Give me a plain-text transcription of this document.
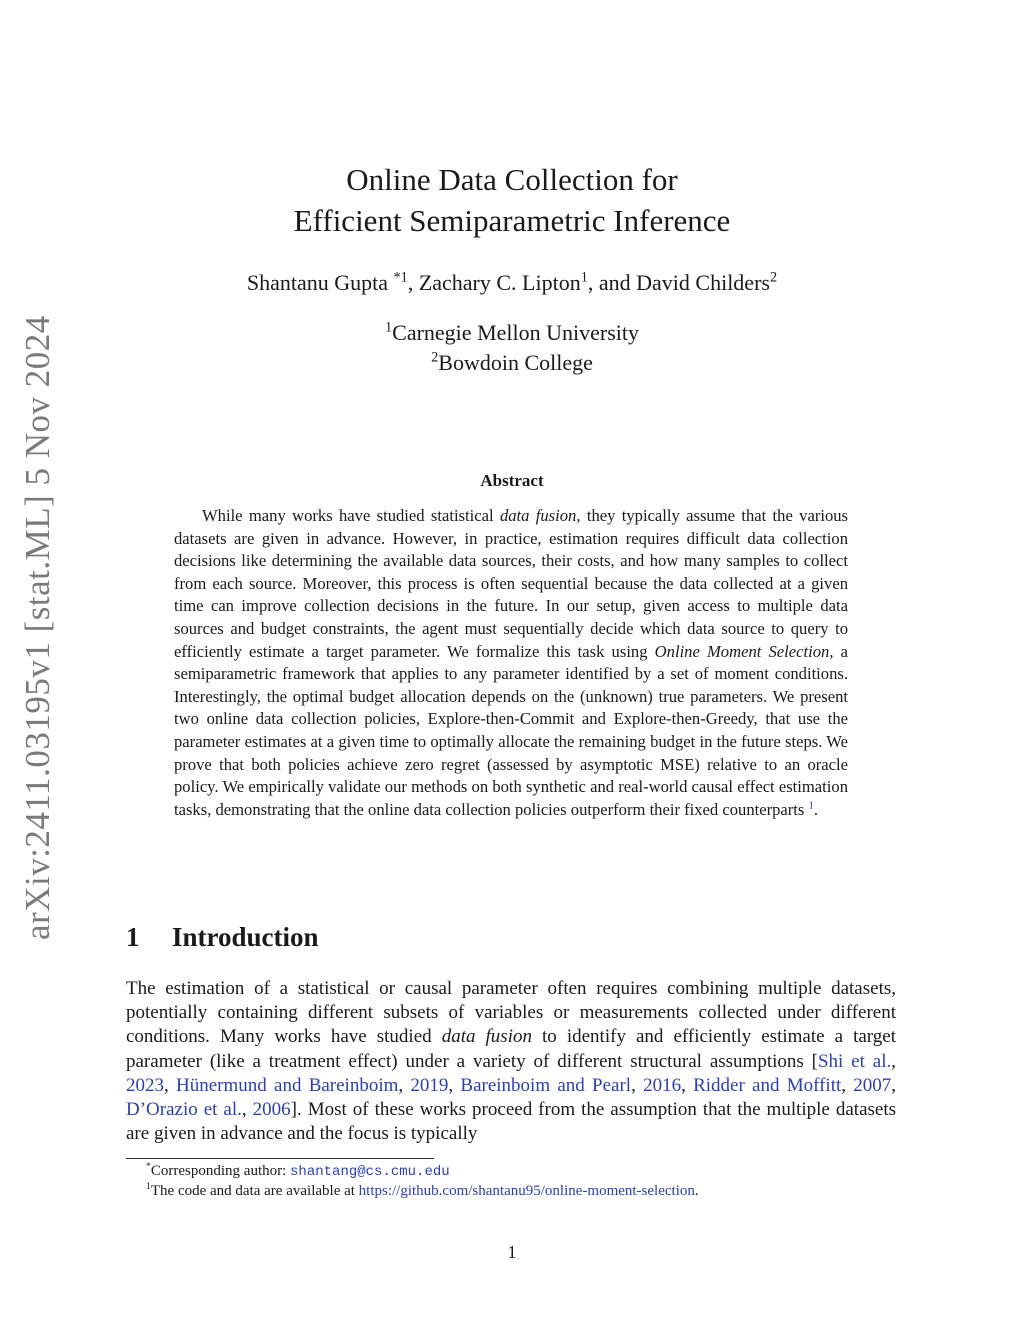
arXiv:2411.03195v1 [stat.ML] 5 Nov 2024
Online Data Collection for
Efficient Semiparametric Inference
Shantanu Gupta $^{*1}$, Zachary C. Lipton$^1$, and David Childers$^2$
$^1$Carnegie Mellon University
$^2$Bowdoin College
Abstract
While many works have studied statistical data fusion, they typically assume that the various datasets are given in advance. However, in practice, estimation requires difficult data collection decisions like determining the available data sources, their costs, and how many samples to collect from each source. Moreover, this process is often sequential because the data collected at a given time can improve collection decisions in the future. In our setup, given access to multiple data sources and budget constraints, the agent must sequentially decide which data source to query to efficiently estimate a target parameter. We formalize this task using Online Moment Selection, a semiparametric framework that applies to any parameter identified by a set of moment conditions. Interestingly, the optimal budget allocation depends on the (unknown) true parameters. We present two online data collection policies, Explore-then-Commit and Explore-then-Greedy, that use the parameter estimates at a given time to optimally allocate the remaining budget in the future steps. We prove that both policies achieve zero regret (assessed by asymptotic MSE) relative to an oracle policy. We empirically validate our methods on both synthetic and real-world causal effect estimation tasks, demonstrating that the online data collection policies outperform their fixed counterparts $^1$.
1 Introduction
The estimation of a statistical or causal parameter often requires combining multiple datasets, potentially containing different subsets of variables or measurements collected under different conditions. Many works have studied data fusion to identify and efficiently estimate a target parameter (like a treatment effect) under a variety of different structural assumptions [Shi et al., 2023, Hünermund and Bareinboim, 2019, Bareinboim and Pearl, 2016, Ridder and Moffitt, 2007, D’Orazio et al., 2006]. Most of these works proceed from the assumption that the multiple datasets are given in advance and the focus is typically
*Corresponding author: shantang@cs.cmu.edu
$^1$The code and data are available at https://github.com/shantanu95/online-moment-selection.
1
